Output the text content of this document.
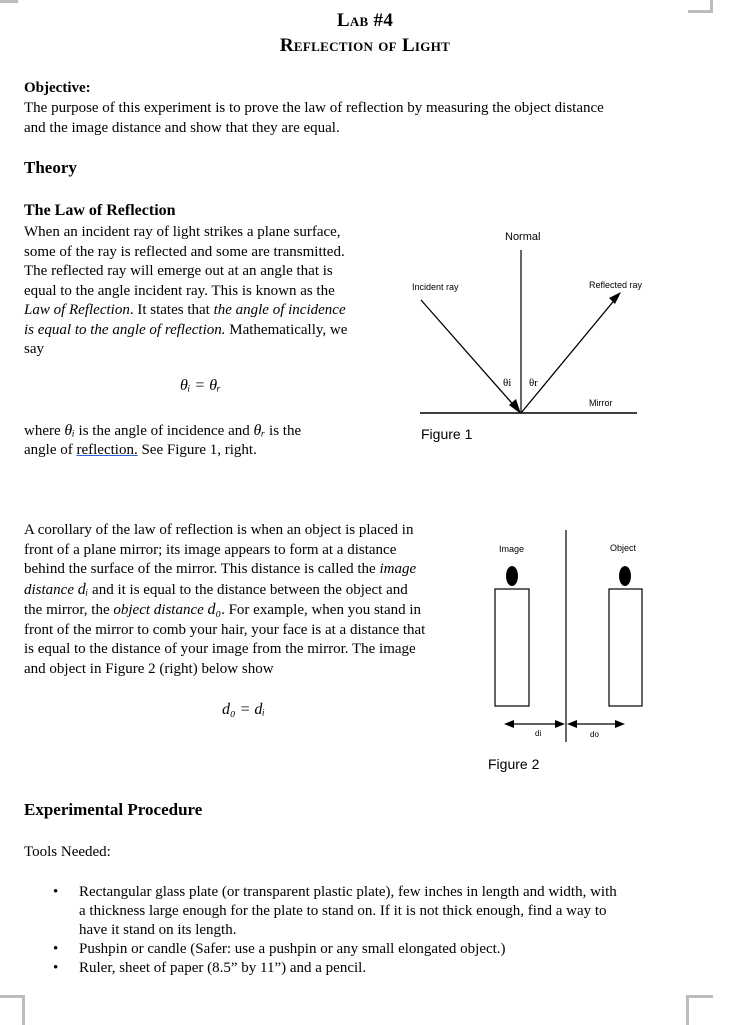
Lab #4
Reflection of Light
Objective:
The purpose of this experiment is to prove the law of reflection by measuring the object distance
and the image distance and show that they are equal.
Theory
The Law of Reflection
When an incident ray of light strikes a plane surface,
some of the ray is reflected and some are transmitted.
The reflected ray will emerge out at an angle that is
equal to the angle incident ray. This is known as the
Law of Reflection. It states that the angle of incidence
is equal to the angle of reflection. Mathematically, we
say
θᵢ = θᵣ
where θᵢ is the angle of incidence and θᵣ is the
angle of reflection. See Figure 1, right.
Normal
Incident ray	Reflected ray
θi θr
Mirror
Figure 1
A corollary of the law of reflection is when an object is placed in
front of a plane mirror; its image appears to form at a distance
behind the surface of the mirror. This distance is called the image
distance dᵢ and it is equal to the distance between the object and
the mirror, the object distance d₀. For example, when you stand in
front of the mirror to comb your hair, your face is at a distance that
is equal to the distance of your image from the mirror. The image
and object in Figure 2 (right) below show
d₀ = dᵢ
Image	Object
di	do
Figure 2
Experimental Procedure
Tools Needed:
• Rectangular glass plate (or transparent plastic plate), few inches in length and width, with
a thickness large enough for the plate to stand on. If it is not thick enough, find a way to
have it stand on its length.
• Pushpin or candle (Safer: use a pushpin or any small elongated object.)
• Ruler, sheet of paper (8.5” by 11”) and a pencil.
